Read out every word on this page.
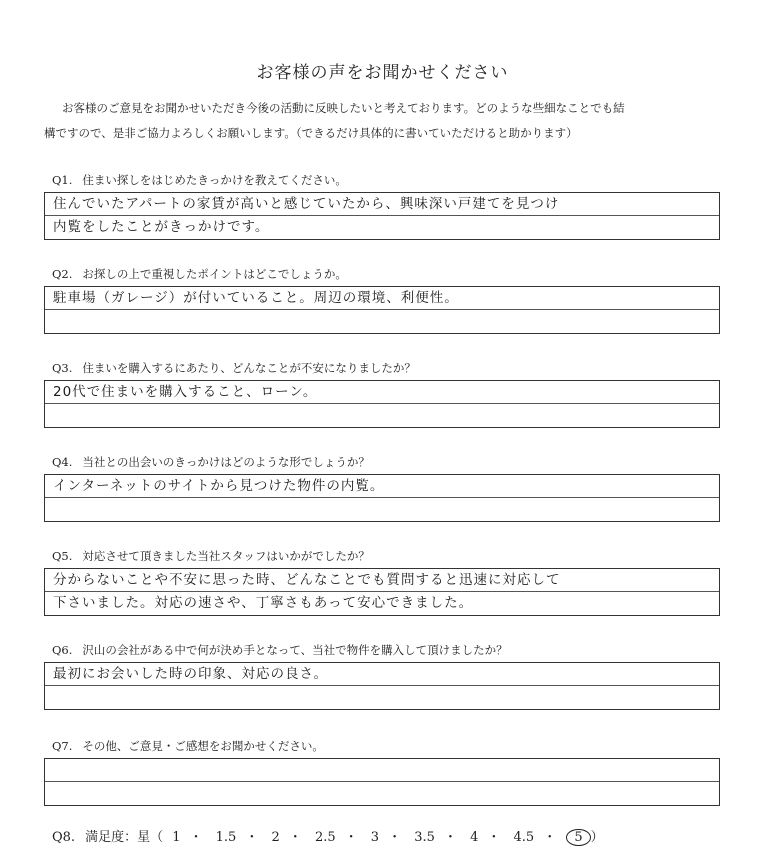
お客様の声をお聞かせください

お客様のご意見をお聞かせいただき今後の活動に反映したいと考えております。どのような些細なことでも結

構ですので、是非ご協力よろしくお願いします。（できるだけ具体的に書いていただけると助かります）

Q1. 住まい探しをはじめたきっかけを教えてください。
住んでいたアパートの家賃が高いと感じていたから、興味深い戸建てを見つけ
内覧をしたことがきっかけです。
Q2. お探しの上で重視したポイントはどこでしょうか。
駐車場（ガレージ）が付いていること。周辺の環境、利便性。
Q3. 住まいを購入するにあたり、どんなことが不安になりましたか？
20代で住まいを購入すること、ローン。
Q4. 当社との出会いのきっかけはどのような形でしょうか？
インターネットのサイトから見つけた物件の内覧。
Q5. 対応させて頂きました当社スタッフはいかがでしたか？
分からないことや不安に思った時、どんなことでも質問すると迅速に対応して
下さいました。対応の速さや、丁寧さもあって安心できました。
Q6. 沢山の会社がある中で何が決め手となって、当社で物件を購入して頂けましたか？
最初にお会いした時の印象、対応の良さ。
Q7. その他、ご意見・ご感想をお聞かせください。
Q8. 満足度：星（ 1 ・ 1.5 ・ 2 ・ 2.5 ・ 3 ・ 3.5 ・ 4 ・ 4.5 ・ 5 ）
